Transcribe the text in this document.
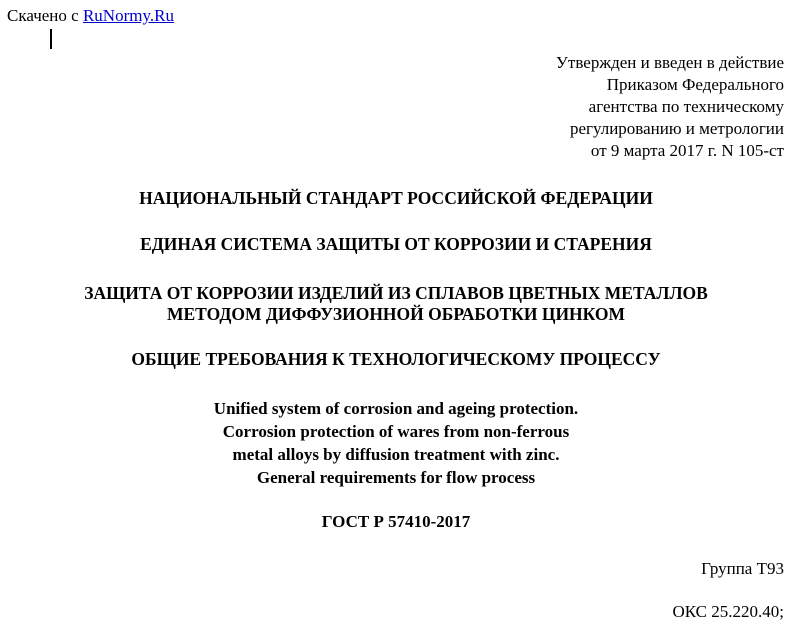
Скачено с RuNormy.Ru
Утвержден и введен в действие
Приказом Федерального
агентства по техническому
регулированию и метрологии
от 9 марта 2017 г. N 105-ст
НАЦИОНАЛЬНЫЙ СТАНДАРТ РОССИЙСКОЙ ФЕДЕРАЦИИ
ЕДИНАЯ СИСТЕМА ЗАЩИТЫ ОТ КОРРОЗИИ И СТАРЕНИЯ
ЗАЩИТА ОТ КОРРОЗИИ ИЗДЕЛИЙ ИЗ СПЛАВОВ ЦВЕТНЫХ МЕТАЛЛОВ
МЕТОДОМ ДИФФУЗИОННОЙ ОБРАБОТКИ ЦИНКОМ
ОБЩИЕ ТРЕБОВАНИЯ К ТЕХНОЛОГИЧЕСКОМУ ПРОЦЕССУ
Unified system of corrosion and ageing protection.
Corrosion protection of wares from non-ferrous
metal alloys by diffusion treatment with zinc.
General requirements for flow process
ГОСТ Р 57410-2017
Группа Т93
ОКС 25.220.40;
